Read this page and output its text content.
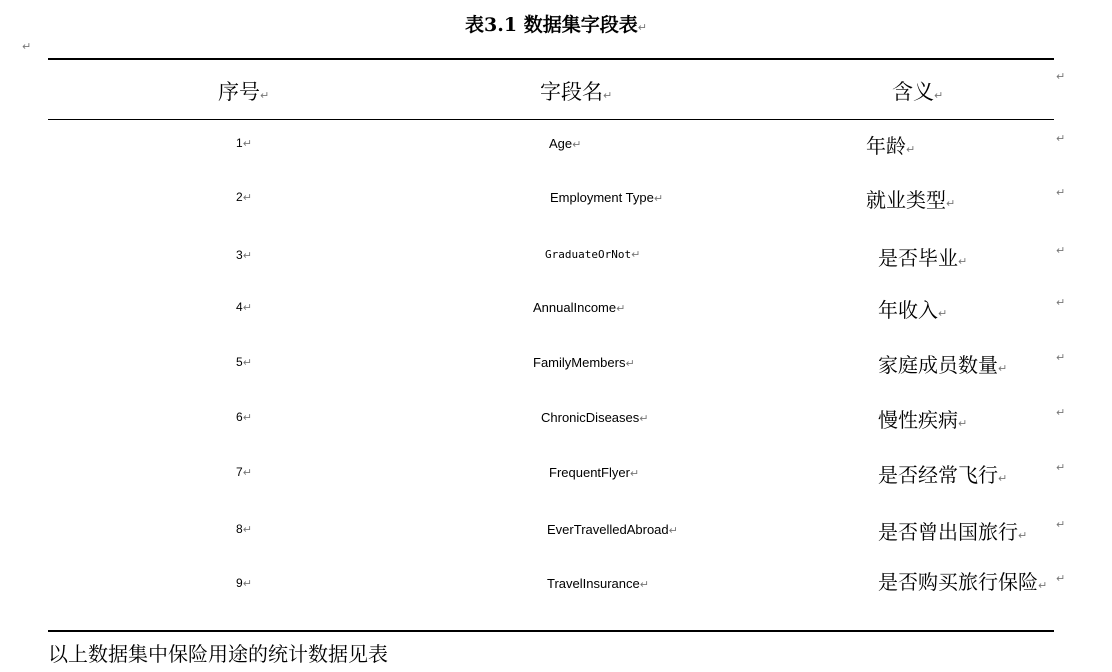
表3.1 数据集字段表↵
↵
序号↵	字段名↵	含义↵
↵
1↵	Age↵	年龄↵
↵
2↵	Employment Type↵	就业类型↵
↵
3↵	GraduateOrNot↵	是否毕业↵
↵
4↵	AnnualIncome↵	年收入↵
↵
5↵	FamilyMembers↵	家庭成员数量↵
↵
6↵	ChronicDiseases↵	慢性疾病↵
↵
7↵	FrequentFlyer↵	是否经常飞行↵
↵
8↵	EverTravelledAbroad↵	是否曾出国旅行↵
↵
9↵	TravelInsurance↵	是否购买旅行保险↵
↵
以上数据集中保险用途的统计数据见表
